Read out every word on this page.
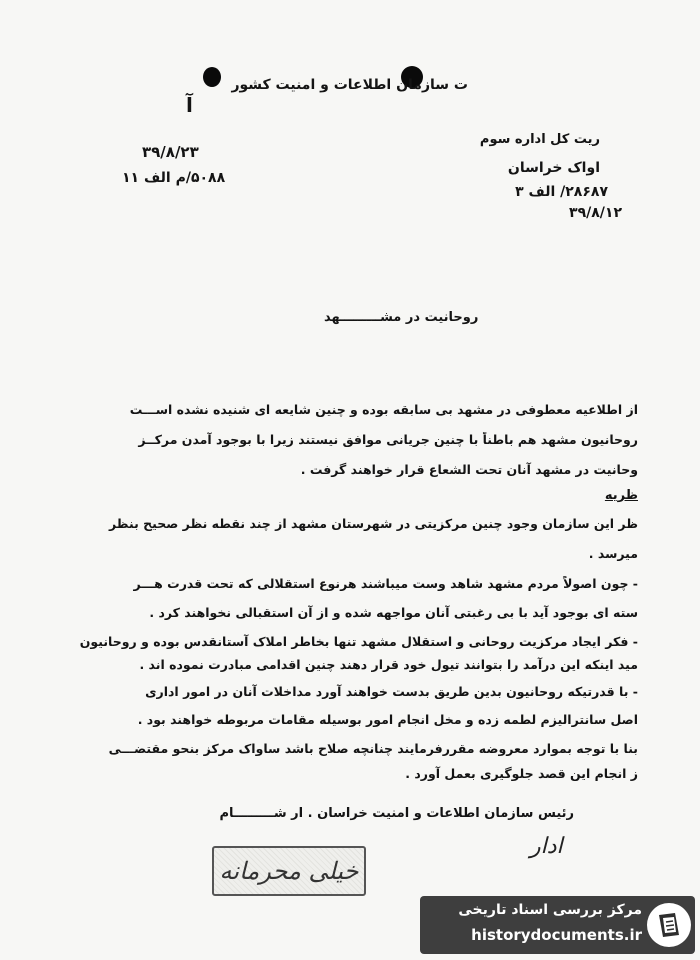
ت سازمان اطلاعات و امنیت کشور
آ
۳۹/۸/۲۳
۵۰۸۸/م الف ۱۱
ریت کل اداره سوم
اواک خراسان
۲۸۶۸۷/ الف ۳
۳۹/۸/۱۲
روحانیت در مشـــــــــهد
از اطلاعیه معطوفی در مشهد بی سابقه بوده و چنین شایعه ای شنیده نشده اســـت
روحانیون مشهد هم باطناً با چنین جریانی موافق نیستند زیرا با بوجود آمدن مرکــز
وحانیت در مشهد آنان تحت الشعاع قرار خواهند گرفت .
ظریه
ظر این سازمان وجود چنین مرکزیتی در شهرستان مشهد از چند نقطه نظر صحیح بنظر
میرسد .
- چون اصولاً مردم مشهد شاهد وست میباشند هرنوع استقلالی که تحت قدرت هـــر
سته ای بوجود آید با بی رغبتی آنان مواجهه شده و از آن استقبالی نخواهند کرد .
- فکر ایجاد مرکزیت روحانی و استقلال مشهد تنها بخاطر املاک آستانقدس بوده و روحانیون
مید اینکه این درآمد را بتوانند تیول خود قرار دهند چنین اقدامی مبادرت نموده اند .
- با قدرتیکه روحانیون بدین طریق بدست خواهند آورد مداخلات آنان در امور اداری
اصل سانترالیزم لطمه زده و مخل انجام امور بوسیله مقامات مربوطه خواهند بود .
بنا با توجه بموارد معروضه مقررفرمایند چنانچه صلاح باشد ساواک مرکز بنحو مقتضـــی
ز انجام این قصد جلوگیری بعمل آورد .
رئیس سازمان اطلاعات و امنیت خراسان . ار شـــــــــام
ادار
خیلی محرمانه
مرکز بررسی اسناد تاریخی
historydocuments.ir
